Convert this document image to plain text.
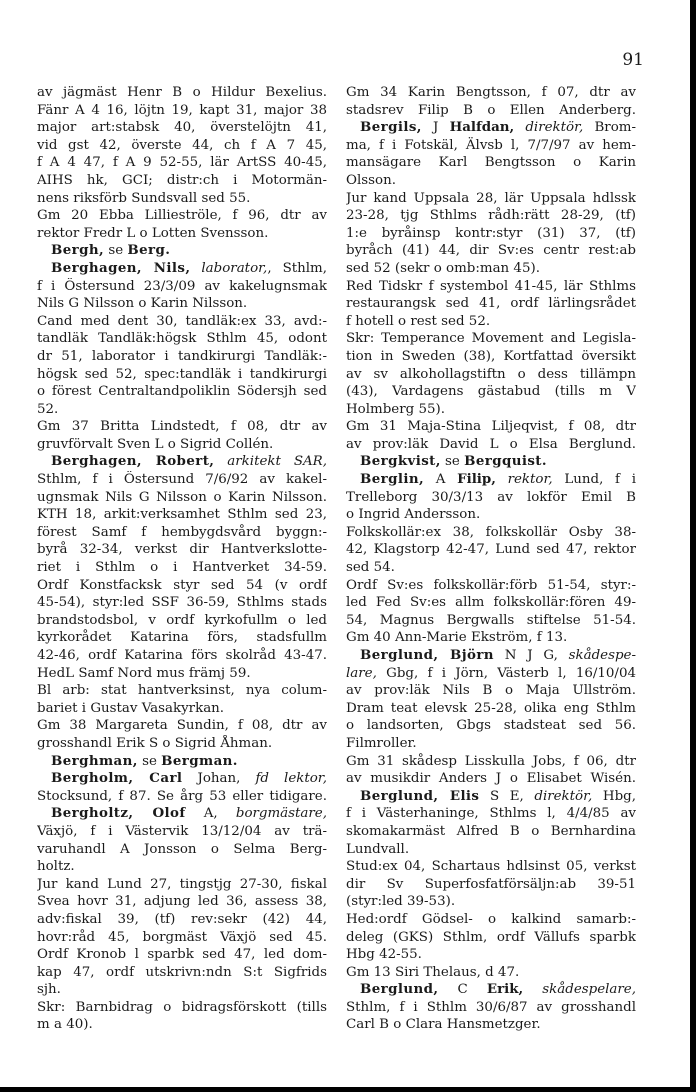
91
av jägmäst Henr B o Hildur Bexelius.
Fänr A 4 16, löjtn 19, kapt 31, major 38
major art:stabsk 40, överstelöjtn 41,
vid gst 42, överste 44, ch f A 7 45,
f A 4 47, f A 9 52-55, lär ArtSS 40-45,
AIHS hk, GCI; distr:ch i Motormän-
nens riksförb Sundsvall sed 55.
Gm 20 Ebba Lillieströle, f 96, dtr av
rektor Fredr L o Lotten Svensson.
Bergh, se Berg.
Berghagen, Nils, laborator,, Sthlm,
f i Östersund 23/3/09 av kakelugnsmak
Nils G Nilsson o Karin Nilsson.
Cand med dent 30, tandläk:ex 33, avd:-
tandläk Tandläk:högsk Sthlm 45, odont
dr 51, laborator i tandkirurgi Tandläk:-
högsk sed 52, spec:tandläk i tandkirurgi
o förest Centraltandpoliklin Södersjh sed
52.
Gm 37 Britta Lindstedt, f 08, dtr av
gruvförvalt Sven L o Sigrid Collén.
Berghagen, Robert, arkitekt SAR,
Sthlm, f i Östersund 7/6/92 av kakel-
ugnsmak Nils G Nilsson o Karin Nilsson.
KTH 18, arkit:verksamhet Sthlm sed 23,
förest Samf f hembygdsvård byggn:-
byrå 32-34, verkst dir Hantverkslotte-
riet i Sthlm o i Hantverket 34-59.
Ordf Konstfacksk styr sed 54 (v ordf
45-54), styr:led SSF 36-59, Sthlms stads
brandstodsbol, v ordf kyrkofullm o led
kyrkorådet Katarina förs, stadsfullm
42-46, ordf Katarina förs skolråd 43-47.
HedL Samf Nord mus främj 59.
Bl arb: stat hantverksinst, nya colum-
bariet i Gustav Vasakyrkan.
Gm 38 Margareta Sundin, f 08, dtr av
grosshandl Erik S o Sigrid Åhman.
Berghman, se Bergman.
Bergholm, Carl Johan, fd lektor,
Stocksund, f 87. Se årg 53 eller tidigare.
Bergholtz, Olof A, borgmästare,
Växjö, f i Västervik 13/12/04 av trä-
varuhandl A Jonsson o Selma Berg-
holtz.
Jur kand Lund 27, tingstjg 27-30, fiskal
Svea hovr 31, adjung led 36, assess 38,
adv:fiskal 39, (tf) rev:sekr (42) 44,
hovr:råd 45, borgmäst Växjö sed 45.
Ordf Kronob l sparbk sed 47, led dom-
kap 47, ordf utskrivn:ndn S:t Sigfrids
sjh.
Skr: Barnbidrag o bidragsförskott (tills
m a 40).
Gm 34 Karin Bengtsson, f 07, dtr av
stadsrev Filip B o Ellen Anderberg.
Bergils, J Halfdan, direktör, Brom-
ma, f i Fotskäl, Älvsb l, 7/7/97 av hem-
mansägare Karl Bengtsson o Karin
Olsson.
Jur kand Uppsala 28, lär Uppsala hdlssk
23-28, tjg Sthlms rådh:rätt 28-29, (tf)
1:e byråinsp kontr:styr (31) 37, (tf)
byråch (41) 44, dir Sv:es centr rest:ab
sed 52 (sekr o omb:man 45).
Red Tidskr f systembol 41-45, lär Sthlms
restaurangsk sed 41, ordf lärlingsrådet
f hotell o rest sed 52.
Skr: Temperance Movement and Legisla-
tion in Sweden (38), Kortfattad översikt
av sv alkohollagstiftn o dess tillämpn
(43), Vardagens gästabud (tills m V
Holmberg 55).
Gm 31 Maja-Stina Liljeqvist, f 08, dtr
av prov:läk David L o Elsa Berglund.
Bergkvist, se Bergquist.
Berglin, A Filip, rektor, Lund, f i
Trelleborg 30/3/13 av lokför Emil B
o Ingrid Andersson.
Folkskollär:ex 38, folkskollär Osby 38-
42, Klagstorp 42-47, Lund sed 47, rektor
sed 54.
Ordf Sv:es folkskollär:förb 51-54, styr:-
led Fed Sv:es allm folkskollär:fören 49-
54, Magnus Bergwalls stiftelse 51-54.
Gm 40 Ann-Marie Ekström, f 13.
Berglund, Björn N J G, skådespe-
lare, Gbg, f i Jörn, Västerb l, 16/10/04
av prov:läk Nils B o Maja Ullström.
Dram teat elevsk 25-28, olika eng Sthlm
o landsorten, Gbgs stadsteat sed 56.
Filmroller.
Gm 31 skådesp Lisskulla Jobs, f 06, dtr
av musikdir Anders J o Elisabet Wisén.
Berglund, Elis S E, direktör, Hbg,
f i Västerhaninge, Sthlms l, 4/4/85 av
skomakarmäst Alfred B o Bernhardina
Lundvall.
Stud:ex 04, Schartaus hdlsinst 05, verkst
dir Sv Superfosfatförsäljn:ab 39-51
(styr:led 39-53).
Hed:ordf Gödsel- o kalkind samarb:-
deleg (GKS) Sthlm, ordf Vällufs sparbk
Hbg 42-55.
Gm 13 Siri Thelaus, d 47.
Berglund, C Erik, skådespelare,
Sthlm, f i Sthlm 30/6/87 av grosshandl
Carl B o Clara Hansmetzger.
